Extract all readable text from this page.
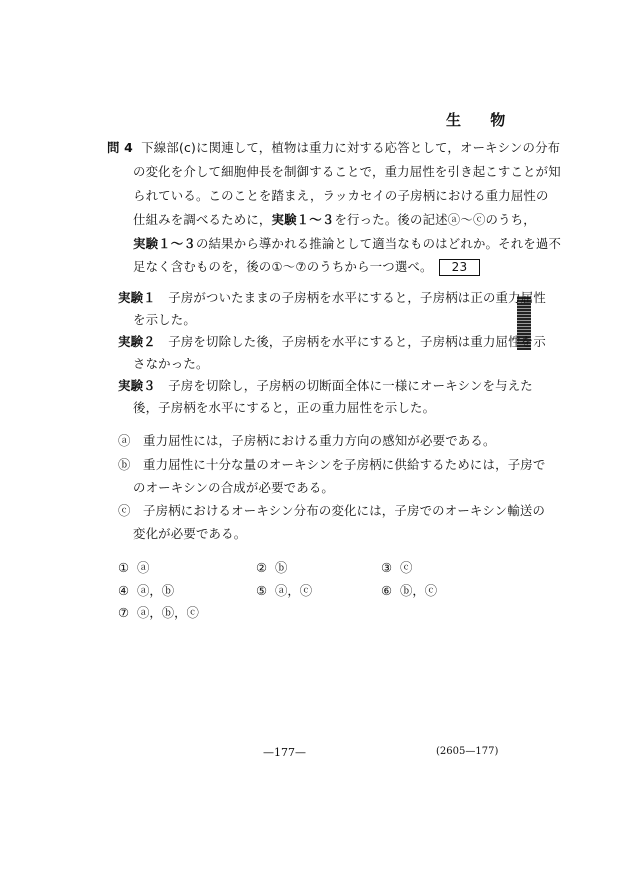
生 物
問 4 下線部(c)に関連して，植物は重力に対する応答として，オーキシンの分布
の変化を介して細胞伸長を制御することで，重力屈性を引き起こすことが知
られている。このことを踏まえ，ラッカセイの子房柄における重力屈性の
仕組みを調べるために，実験１～３を行った。後の記述ⓐ～ⓒのうち，
実験１～３の結果から導かれる推論として適当なものはどれか。それを過不
足なく含むものを，後の①～⑦のうちから一つ選べ。 23
実験１ 子房がついたままの子房柄を水平にすると，子房柄は正の重力屈性
を示した。
実験２ 子房を切除した後，子房柄を水平にすると，子房柄は重力屈性を示
さなかった。
実験３ 子房を切除し，子房柄の切断面全体に一様にオーキシンを与えた
後，子房柄を水平にすると，正の重力屈性を示した。
ⓐ 重力屈性には，子房柄における重力方向の感知が必要である。
ⓑ 重力屈性に十分な量のオーキシンを子房柄に供給するためには，子房で
のオーキシンの合成が必要である。
ⓒ 子房柄におけるオーキシン分布の変化には，子房でのオーキシン輸送の
変化が必要である。
① ⓐ	② ⓑ	③ ⓒ
④ ⓐ，ⓑ	⑤ ⓐ，ⓒ	⑥ ⓑ，ⓒ
⑦ ⓐ，ⓑ，ⓒ
—177—	(2605—177)
